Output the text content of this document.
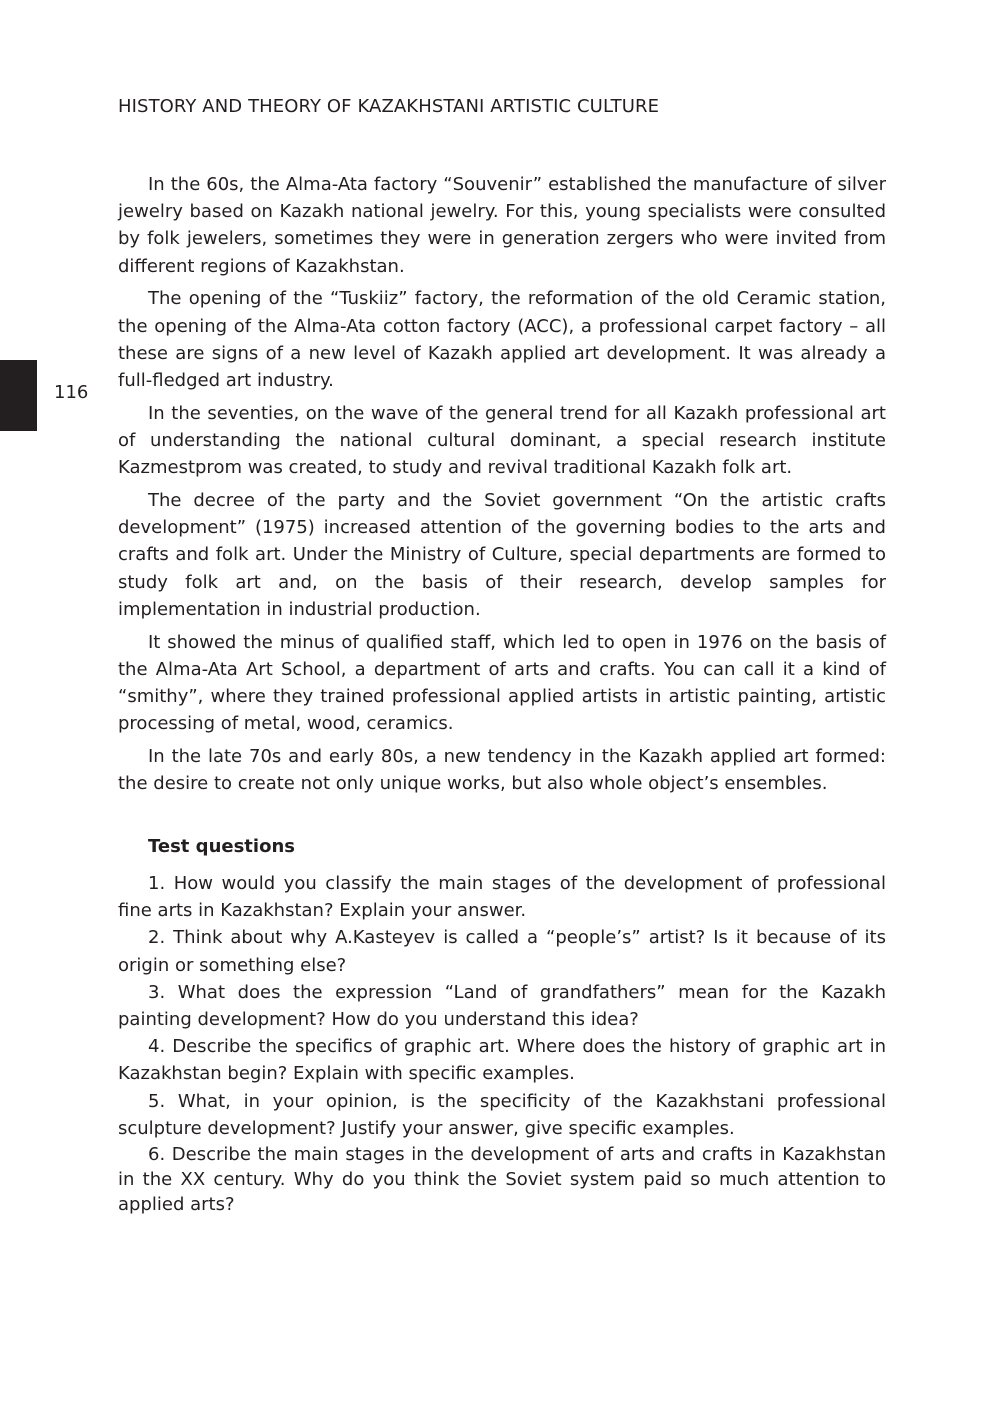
HISTORY AND THEORY OF KAZAKHSTANI ARTISTIC CULTURE
116

In the 60s, the Alma-Ata factory “Souvenir” established the manufacture of silver jewelry based on Kazakh national jewelry. For this, young specialists were consulted by folk jewelers, sometimes they were in generation zergers who were invited from different regions of Kazakhstan.

The opening of the “Tuskiiz” factory, the reformation of the old Ceramic station, the opening of the Alma-Ata cotton factory (ACC), a professional carpet factory – all these are signs of a new level of Kazakh applied art development. It was already a full-fledged art industry.

In the seventies, on the wave of the general trend for all Kazakh professional art of understanding the national cultural dominant, a special research institute Kazmestprom was created, to study and revival traditional Kazakh folk art.

The decree of the party and the Soviet government “On the artistic crafts development” (1975) increased attention of the governing bodies to the arts and crafts and folk art. Under the Ministry of Culture, special departments are formed to study folk art and, on the basis of their research, develop samples for implementation in industrial production.

It showed the minus of qualified staff, which led to open in 1976 on the basis of the Alma-Ata Art School, a department of arts and crafts. You can call it a kind of “smithy”, where they trained professional applied artists in artistic painting, artistic processing of metal, wood, ceramics.

In the late 70s and early 80s, a new tendency in the Kazakh applied art formed: the desire to create not only unique works, but also whole object’s ensembles.

Test questions

1. How would you classify the main stages of the development of professional fine arts in Kazakhstan? Explain your answer.

2. Think about why A.Kasteyev is called a “people’s” artist? Is it because of its origin or something else?

3. What does the expression “Land of grandfathers” mean for the Kazakh painting development? How do you understand this idea?

4. Describe the specifics of graphic art. Where does the history of graphic art in Kazakhstan begin? Explain with specific examples.

5. What, in your opinion, is the specificity of the Kazakhstani professional sculpture development? Justify your answer, give specific examples.

6. Describe the main stages in the development of arts and crafts in Kazakhstan in the XX century. Why do you think the Soviet system paid so much attention to applied arts?
